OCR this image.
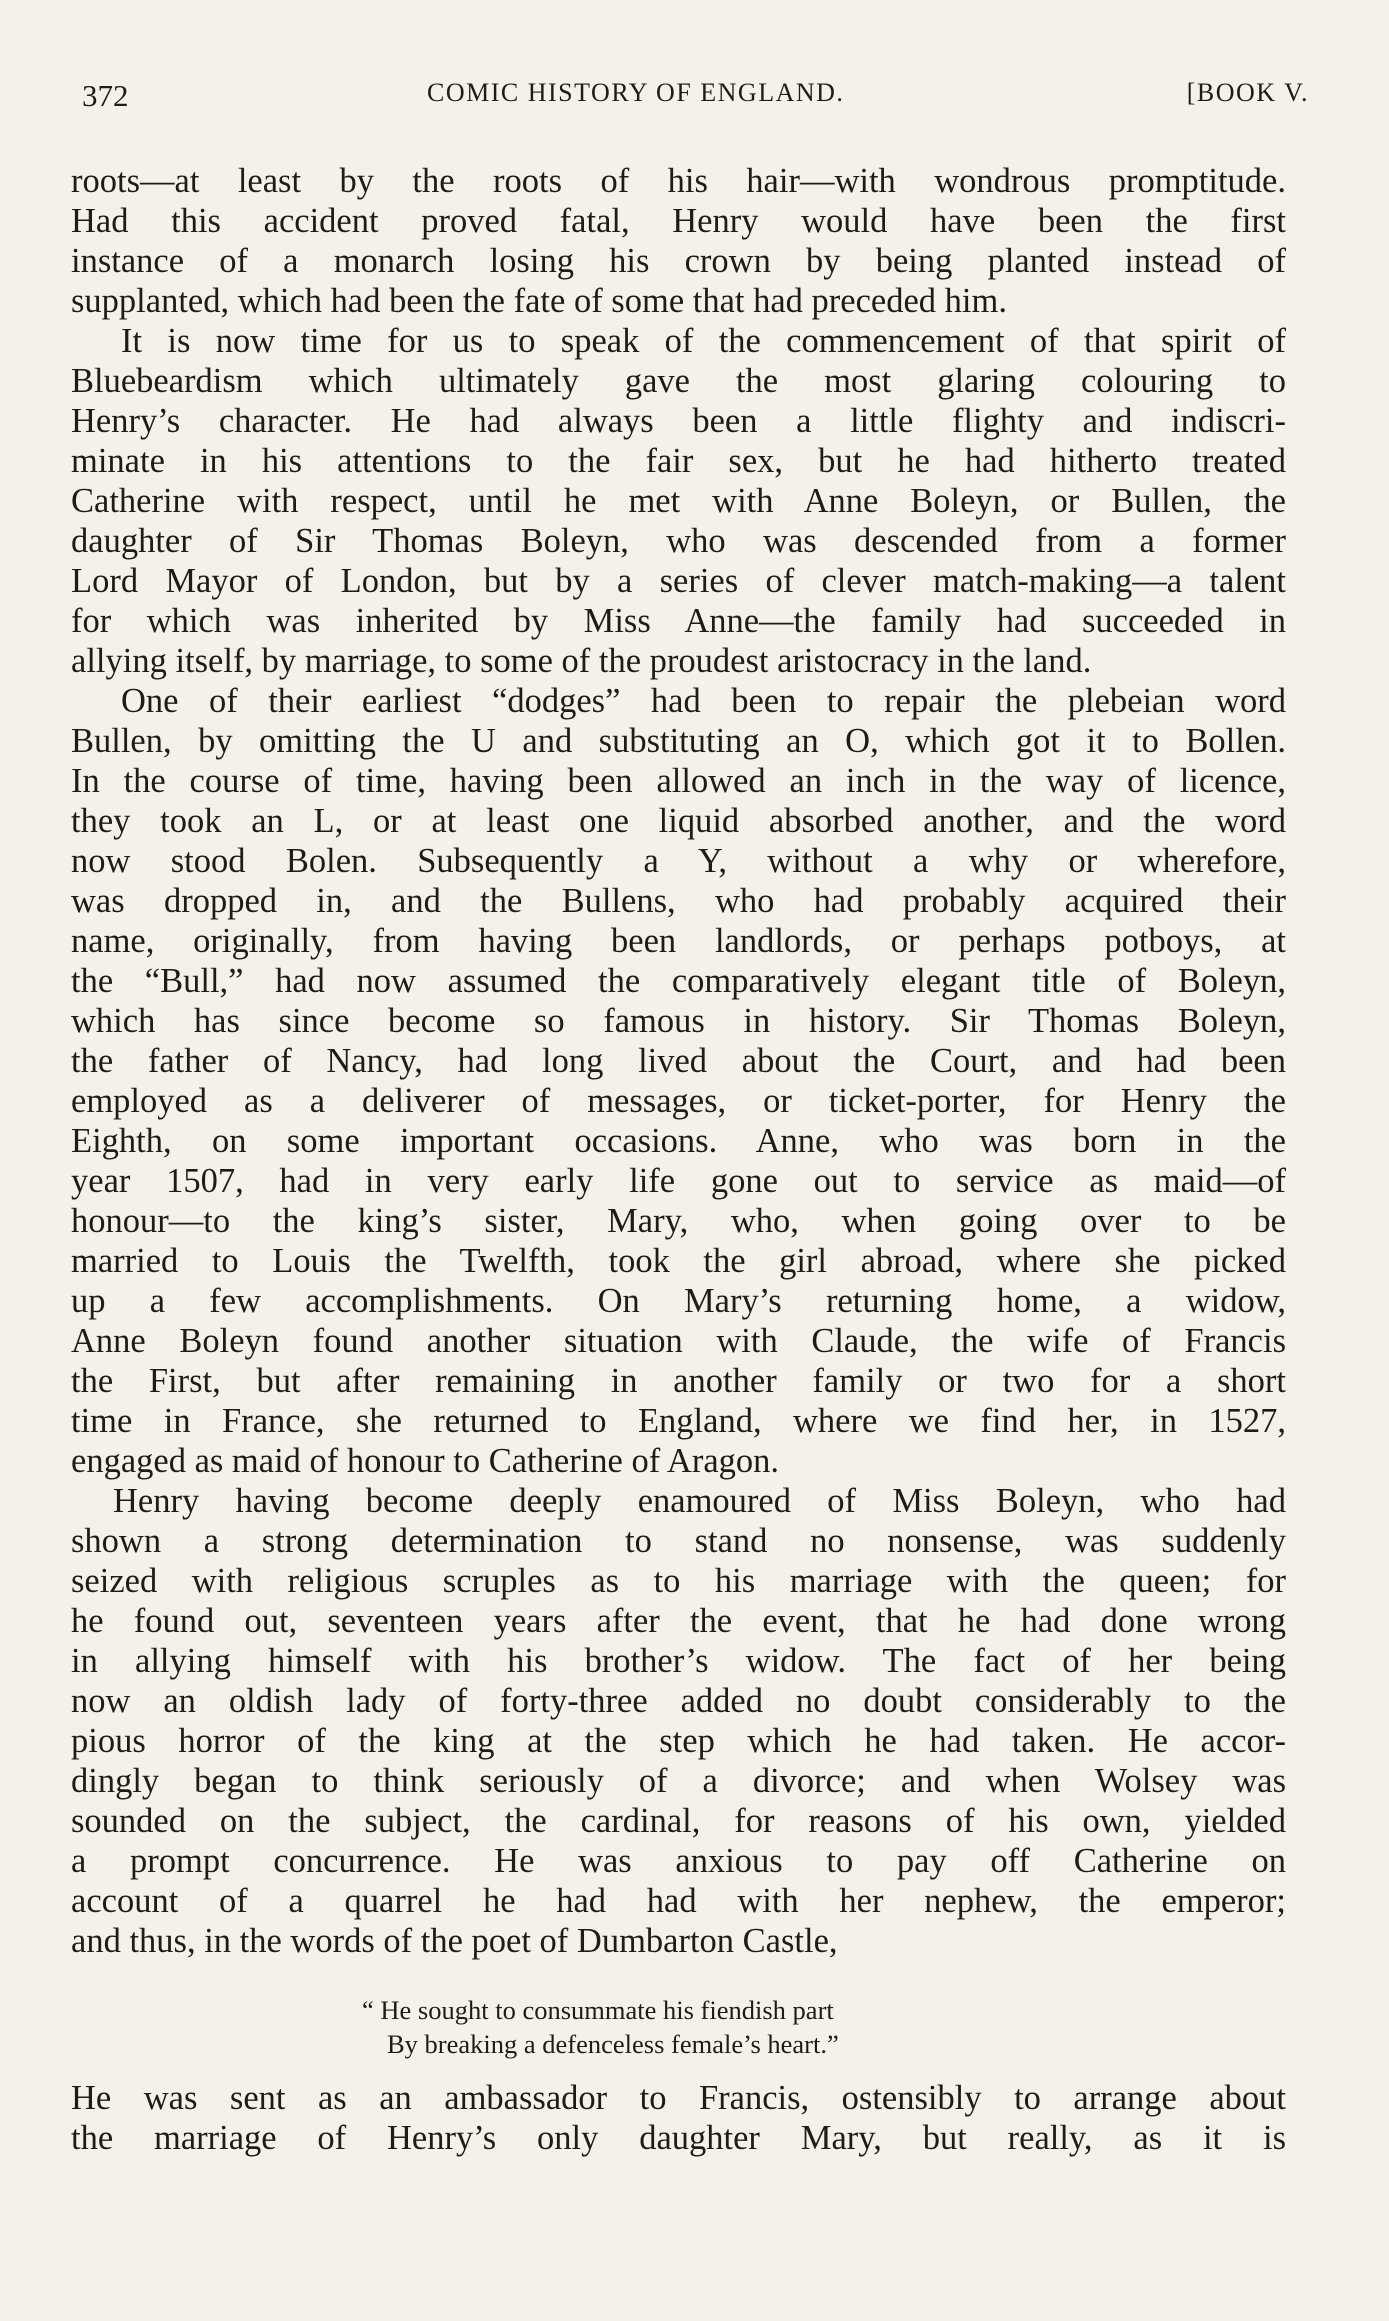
372	COMIC HISTORY OF ENGLAND.	[BOOK V.
roots—at least by the roots of his hair—with wondrous promptitude.
Had this accident proved fatal, Henry would have been the first
instance of a monarch losing his crown by being planted instead of
supplanted, which had been the fate of some that had preceded him.
It is now time for us to speak of the commencement of that spirit of
Bluebeardism which ultimately gave the most glaring colouring to
Henry’s character. He had always been a little flighty and indiscri-
minate in his attentions to the fair sex, but he had hitherto treated
Catherine with respect, until he met with Anne Boleyn, or Bullen, the
daughter of Sir Thomas Boleyn, who was descended from a former
Lord Mayor of London, but by a series of clever match-making—a talent
for which was inherited by Miss Anne—the family had succeeded in
allying itself, by marriage, to some of the proudest aristocracy in the land.
One of their earliest “dodges” had been to repair the plebeian word
Bullen, by omitting the U and substituting an O, which got it to Bollen.
In the course of time, having been allowed an inch in the way of licence,
they took an L, or at least one liquid absorbed another, and the word
now stood Bolen. Subsequently a Y, without a why or wherefore,
was dropped in, and the Bullens, who had probably acquired their
name, originally, from having been landlords, or perhaps potboys, at
the “Bull,” had now assumed the comparatively elegant title of Boleyn,
which has since become so famous in history. Sir Thomas Boleyn,
the father of Nancy, had long lived about the Court, and had been
employed as a deliverer of messages, or ticket-porter, for Henry the
Eighth, on some important occasions. Anne, who was born in the
year 1507, had in very early life gone out to service as maid—of
honour—to the king’s sister, Mary, who, when going over to be
married to Louis the Twelfth, took the girl abroad, where she picked
up a few accomplishments. On Mary’s returning home, a widow,
Anne Boleyn found another situation with Claude, the wife of Francis
the First, but after remaining in another family or two for a short
time in France, she returned to England, where we find her, in 1527,
engaged as maid of honour to Catherine of Aragon.
Henry having become deeply enamoured of Miss Boleyn, who had
shown a strong determination to stand no nonsense, was suddenly
seized with religious scruples as to his marriage with the queen; for
he found out, seventeen years after the event, that he had done wrong
in allying himself with his brother’s widow. The fact of her being
now an oldish lady of forty-three added no doubt considerably to the
pious horror of the king at the step which he had taken. He accor-
dingly began to think seriously of a divorce; and when Wolsey was
sounded on the subject, the cardinal, for reasons of his own, yielded
a prompt concurrence. He was anxious to pay off Catherine on
account of a quarrel he had had with her nephew, the emperor;
and thus, in the words of the poet of Dumbarton Castle,
“ He sought to consummate his fiendish part
By breaking a defenceless female’s heart.”
He was sent as an ambassador to Francis, ostensibly to arrange about
the marriage of Henry’s only daughter Mary, but really, as it is
